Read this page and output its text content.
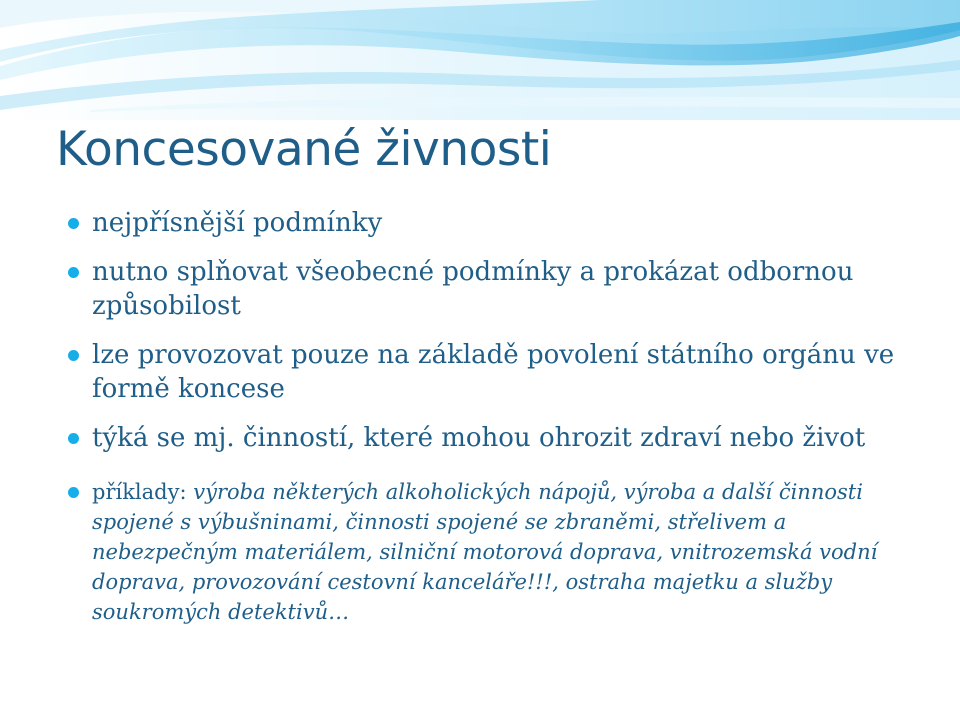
Koncesované živnosti
nejpřísnější podmínky
nutno splňovat všeobecné podmínky a prokázat odbornou způsobilost
lze provozovat pouze na základě povolení státního orgánu ve formě koncese
týká se mj. činností, které mohou ohrozit zdraví nebo život
příklady: výroba některých alkoholických nápojů, výroba a další činnosti spojené s výbušninami, činnosti spojené se zbraněmi, střelivem a nebezpečným materiálem, silniční motorová doprava, vnitrozemská vodní doprava, provozování cestovní kanceláře!!!, ostraha majetku a služby soukromých detektivů…
